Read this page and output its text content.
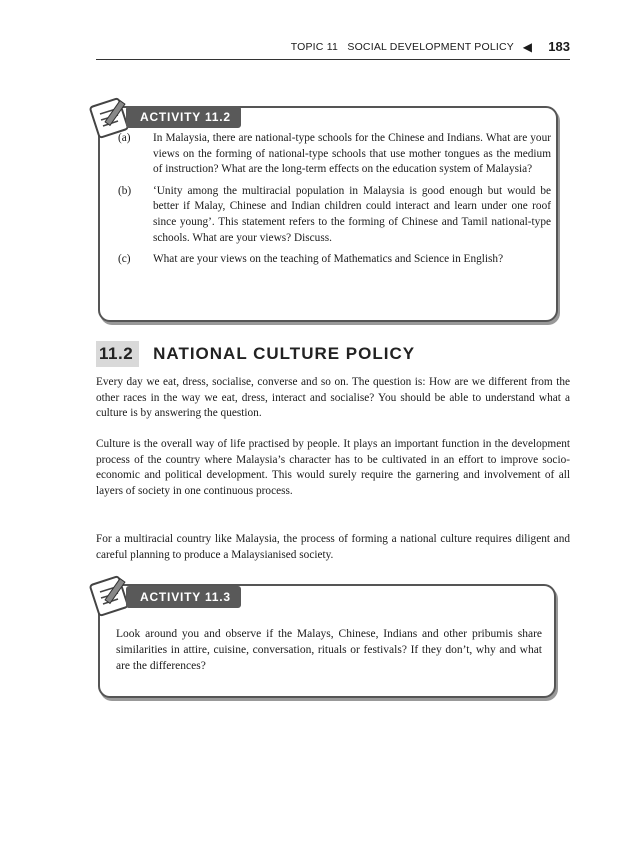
TOPIC 11 SOCIAL DEVELOPMENT POLICY ◀ 183
ACTIVITY 11.2
(a)	In Malaysia, there are national-type schools for the Chinese and Indians. What are your views on the forming of national-type schools that use mother tongues as the medium of instruction? What are the long-term effects on the education system of Malaysia?
(b)	‘Unity among the multiracial population in Malaysia is good enough but would be better if Malay, Chinese and Indian children could interact and learn under one roof since young’. This statement refers to the forming of Chinese and Tamil national-type schools. What are your views? Discuss.
(c)	What are your views on the teaching of Mathematics and Science in English?
11.2	NATIONAL CULTURE POLICY

Every day we eat, dress, socialise, converse and so on. The question is: How are we different from the other races in the way we eat, dress, interact and socialise? You should be able to understand what a culture is by answering the question.

Culture is the overall way of life practised by people. It plays an important function in the development process of the country where Malaysia’s character has to be cultivated in an effort to improve socio-economic and political development. This would surely require the garnering and involvement of all layers of society in one continuous process.

For a multiracial country like Malaysia, the process of forming a national culture requires diligent and careful planning to produce a Malaysianised society.

ACTIVITY 11.3

Look around you and observe if the Malays, Chinese, Indians and other pribumis share similarities in attire, cuisine, conversation, rituals or festivals? If they don’t, why and what are the differences?
